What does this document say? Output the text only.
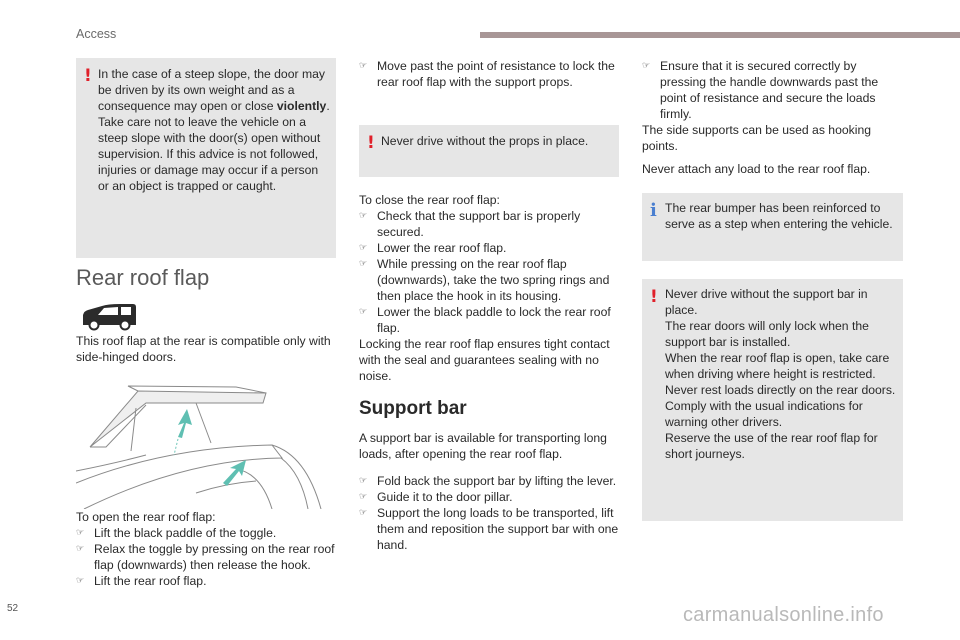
Access
! In the case of a steep slope, the door may be driven by its own weight and as a consequence may open or close violently.

Take care not to leave the vehicle on a steep slope with the door(s) open without supervision. If this advice is not followed, injuries or damage may occur if a person or an object is trapped or caught.

Rear roof flap
This roof flap at the rear is compatible only with side-hinged doors.

To open the rear roof flap:

☞ Lift the black paddle of the toggle.
☞ Relax the toggle by pressing on the rear roof flap (downwards) then release the hook.
☞ Lift the rear roof flap.
☞ Move past the point of resistance to lock the rear roof flap with the support props.
! Never drive without the props in place.

To close the rear roof flap:

☞ Check that the support bar is properly secured.
☞ Lower the rear roof flap.
☞ While pressing on the rear roof flap (downwards), take the two spring rings and then place the hook in its housing.
☞ Lower the black paddle to lock the rear roof flap.

Locking the rear roof flap ensures tight contact with the seal and guarantees sealing with no noise.

Support bar
A support bar is available for transporting long loads, after opening the rear roof flap.
☞ Fold back the support bar by lifting the lever.
☞ Guide it to the door pillar.
☞ Support the long loads to be transported, lift them and reposition the support bar with one hand.
☞ Ensure that it is secured correctly by pressing the handle downwards past the point of resistance and secure the loads firmly.

The side supports can be used as hooking points.

Never attach any load to the rear roof flap.
i The rear bumper has been reinforced to serve as a step when entering the vehicle.
! Never drive without the support bar in place.

The rear doors will only lock when the support bar is installed.

When the rear roof flap is open, take care when driving where height is restricted.

Never rest loads directly on the rear doors.

Comply with the usual indications for warning other drivers.

Reserve the use of the rear roof flap for short journeys.

52	carmanualsonline.info
